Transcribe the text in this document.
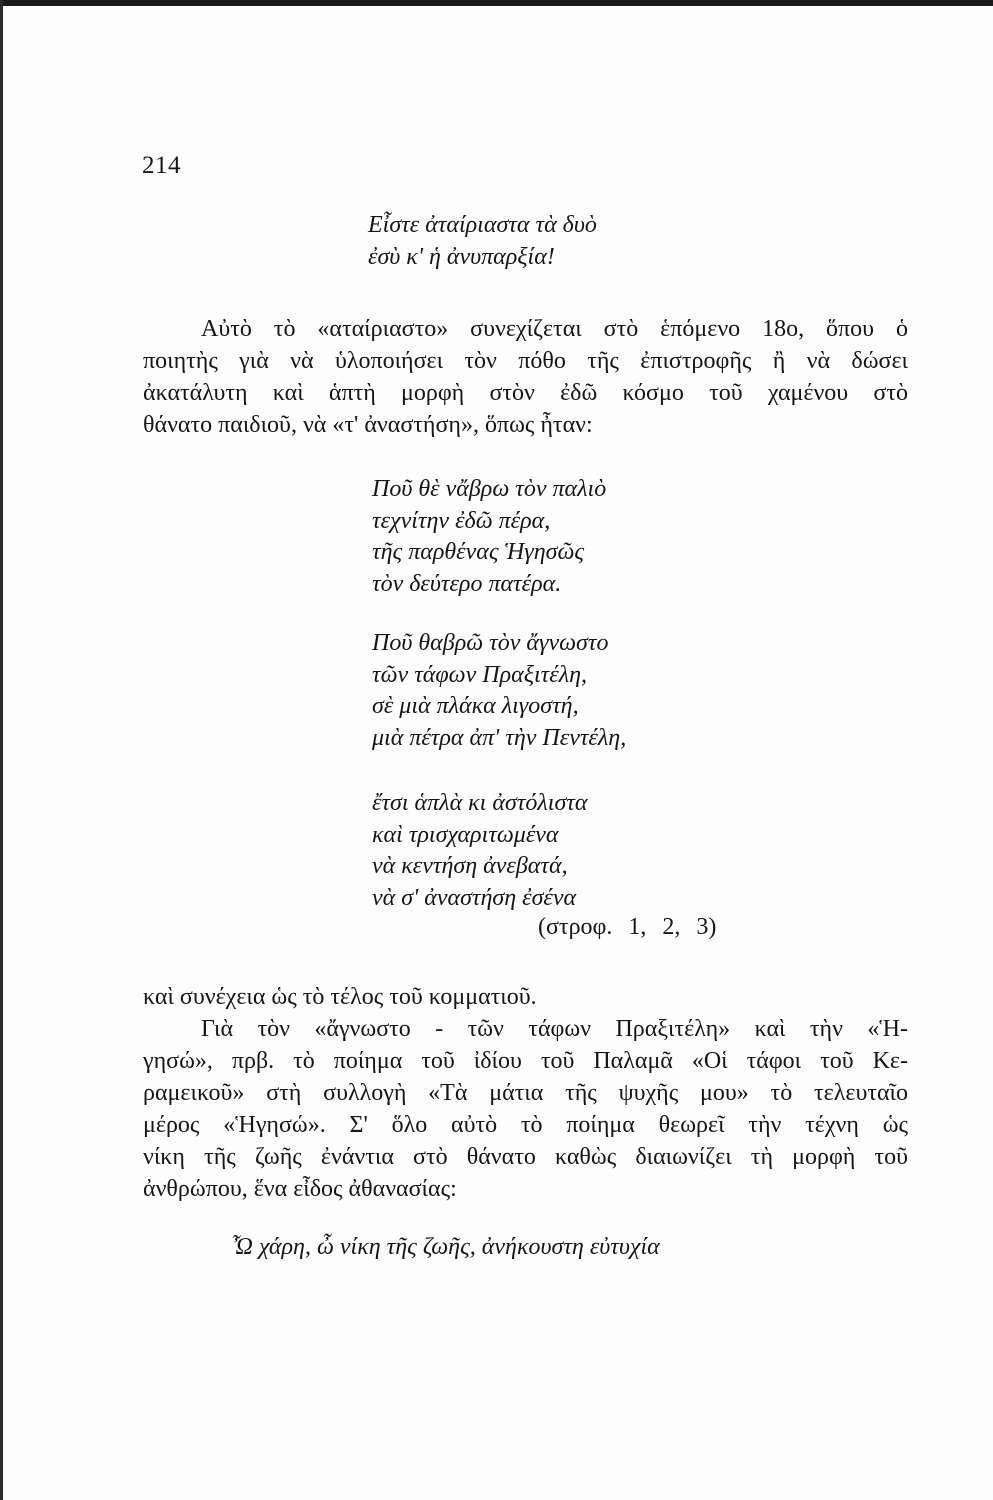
214
Εἶστε ἀταίριαστα τὰ δυὸ
ἐσὺ κ' ἡ ἀνυπαρξία!
Αὐτὸ τὸ «αταίριαστο» συνεχίζεται στὸ ἑπόμενο 18ο, ὅπου ὁ
ποιητὴς γιὰ νὰ ὑλοποιήσει τὸν πόθο τῆς ἐπιστροφῆς ἢ νὰ δώσει
ἀκατάλυτη καὶ ἁπτὴ μορφὴ στὸν ἐδῶ κόσμο τοῦ χαμένου στὸ
θάνατο παιδιοῦ, νὰ «τ' ἀναστήση», ὅπως ἦταν:
Ποῦ θὲ νἄβρω τὸν παλιὸ
τεχνίτην ἐδῶ πέρα,
τῆς παρθένας Ἡγησῶς
τὸν δεύτερο πατέρα.
Ποῦ θαβρῶ τὸν ἄγνωστο
τῶν τάφων Πραξιτέλη,
σὲ μιὰ πλάκα λιγοστή,
μιὰ πέτρα ἀπ' τὴν Πεντέλη,
ἔτσι ἁπλὰ κι ἀστόλιστα
καὶ τρισχαριτωμένα
νὰ κεντήση ἀνεβατά,
νὰ σ' ἀναστήση ἐσένα
(στροφ. 1, 2, 3)
καὶ συνέχεια ὡς τὸ τέλος τοῦ κομματιοῦ.
Γιὰ τὸν «ἄγνωστο - τῶν τάφων Πραξιτέλη» καὶ τὴν «Ἡ-
γησώ», πρβ. τὸ ποίημα τοῦ ἰδίου τοῦ Παλαμᾶ «Οἱ τάφοι τοῦ Κε-
ραμεικοῦ» στὴ συλλογὴ «Τὰ μάτια τῆς ψυχῆς μου» τὸ τελευταῖο
μέρος «Ἡγησώ». Σ' ὅλο αὐτὸ τὸ ποίημα θεωρεῖ τὴν τέχνη ὡς
νίκη τῆς ζωῆς ἐνάντια στὸ θάνατο καθὼς διαιωνίζει τὴ μορφὴ τοῦ
ἀνθρώπου, ἕνα εἶδος ἀθανασίας:
Ὦ χάρη, ὦ νίκη τῆς ζωῆς, ἀνήκουστη εὐτυχία
